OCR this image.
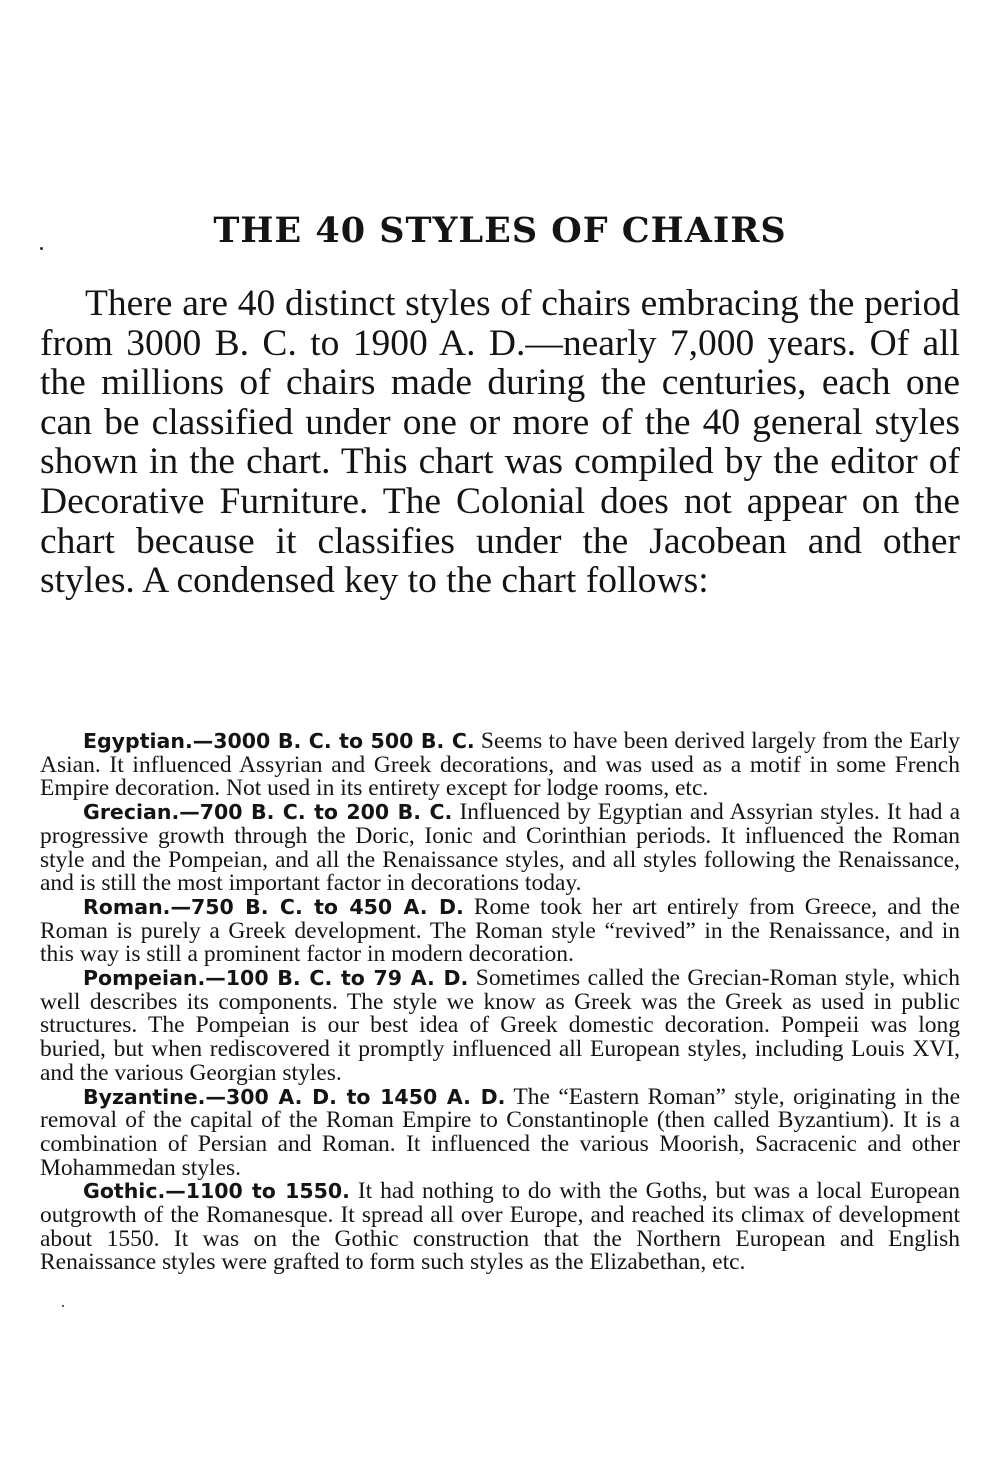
THE 40 STYLES OF CHAIRS

There are 40 distinct styles of chairs embracing the period from 3000 B. C. to 1900 A. D.—nearly 7,000 years. Of all the millions of chairs made during the centuries, each one can be classified under one or more of the 40 general styles shown in the chart. This chart was compiled by the editor of Decorative Furniture. The Colonial does not appear on the chart because it classifies under the Jacobean and other styles. A condensed key to the chart follows:

Egyptian.—3000 B. C. to 500 B. C. Seems to have been derived largely from the Early Asian. It influenced Assyrian and Greek decorations, and was used as a motif in some French Empire decoration. Not used in its entirety except for lodge rooms, etc.

Grecian.—700 B. C. to 200 B. C. Influenced by Egyptian and Assyrian styles. It had a progressive growth through the Doric, Ionic and Corinthian periods. It influenced the Roman style and the Pompeian, and all the Renaissance styles, and all styles following the Renaissance, and is still the most important factor in decorations today.

Roman.—750 B. C. to 450 A. D. Rome took her art entirely from Greece, and the Roman is purely a Greek development. The Roman style “revived” in the Renaissance, and in this way is still a prominent factor in modern decoration.

Pompeian.—100 B. C. to 79 A. D. Sometimes called the Grecian-Roman style, which well describes its components. The style we know as Greek was the Greek as used in public structures. The Pompeian is our best idea of Greek domestic decoration. Pompeii was long buried, but when rediscovered it promptly influenced all European styles, including Louis XVI, and the various Georgian styles.

Byzantine.—300 A. D. to 1450 A. D. The “Eastern Roman” style, originating in the removal of the capital of the Roman Empire to Constantinople (then called Byzantium). It is a combination of Persian and Roman. It influenced the various Moorish, Sacracenic and other Mohammedan styles.

Gothic.—1100 to 1550. It had nothing to do with the Goths, but was a local European outgrowth of the Romanesque. It spread all over Europe, and reached its climax of development about 1550. It was on the Gothic construction that the Northern European and English Renaissance styles were grafted to form such styles as the Elizabethan, etc.
